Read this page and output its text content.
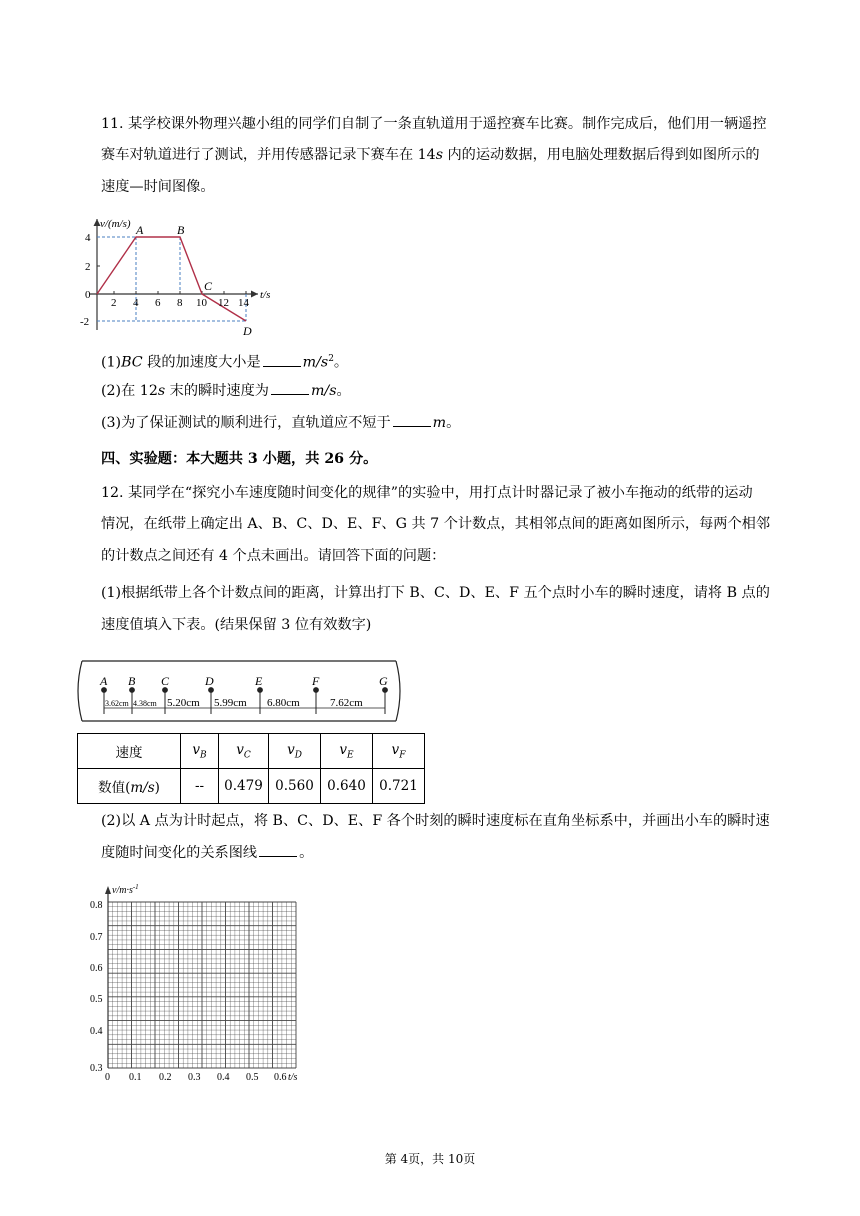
11. 某学校课外物理兴趣小组的同学们自制了一条直轨道用于遥控赛车比赛。制作完成后，他们用一辆遥控

赛车对轨道进行了测试，并用传感器记录下赛车在 14s 内的运动数据，用电脑处理数据后得到如图所示的

速度—时间图像。

v/(m/s)
t/s
4
2
0
-2
2 4 6 8 10 12 14
A	B
C
D

(1)BC 段的加速度大小是	$m/s^2$。

(2)在 12s 末的瞬时速度为	m/s。

(3)为了保证测试的顺利进行，直轨道应不短于	m。

四、实验题：本大题共 3 小题，共 26 分。

12. 某同学在“探究小车速度随时间变化的规律”的实验中，用打点计时器记录了被小车拖动的纸带的运动

情况，在纸带上确定出 A、B、C、D、E、F、G 共 7 个计数点，其相邻点间的距离如图所示，每两个相邻

的计数点之间还有 4 个点未画出。请回答下面的问题：

(1)根据纸带上各个计数点间的距离，计算出打下 B、C、D、E、F 五个点时小车的瞬时速度，请将 B 点的

速度值填入下表。(结果保留 3 位有效数字)

A B C	D	E	F	G
3.62cm 4.38cm 5.20cm 5.99cm 6.80cm	7.62cm
速度	$v_B$	$v_C$	$v_D$	$v_E$	$v_F$
数值(m/s)	--	0.479	0.560	0.640	0.721

(2)以 A 点为计时起点，将 B、C、D、E、F 各个时刻的瞬时速度标在直角坐标系中，并画出小车的瞬时速

度随时间变化的关系图线	。

$v/m\cdot s^{-1}$
0.8
0.7
0.6
0.5
0.4
0.3
0 0.1 0.2 0.3 0.4 0.5 0.6 t/s
第 4页，共 10页
